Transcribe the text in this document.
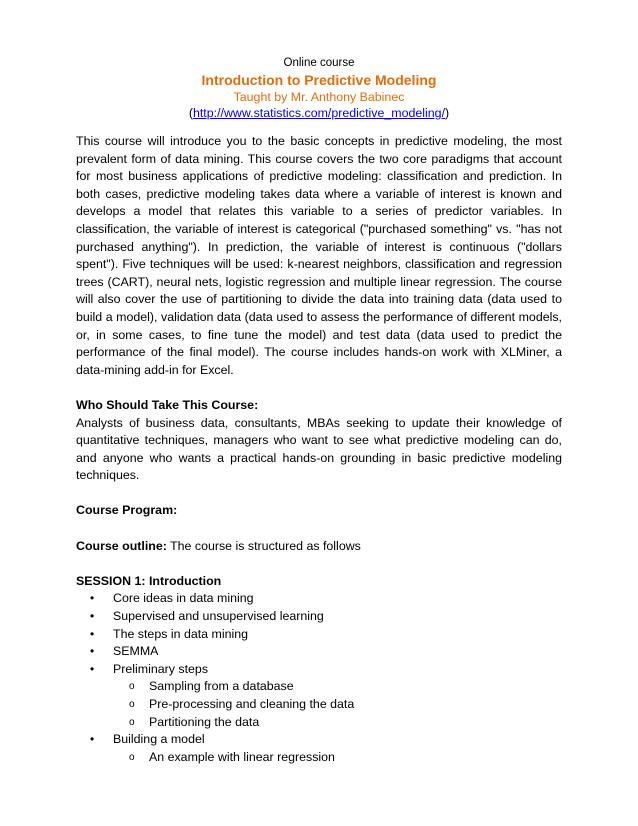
Online course
Introduction to Predictive Modeling
Taught by Mr. Anthony Babinec
(http://www.statistics.com/predictive_modeling/)

This course will introduce you to the basic concepts in predictive modeling, the most prevalent form of data mining. This course covers the two core paradigms that account for most business applications of predictive modeling: classification and prediction. In both cases, predictive modeling takes data where a variable of interest is known and develops a model that relates this variable to a series of predictor variables. In classification, the variable of interest is categorical ("purchased something" vs. "has not purchased anything"). In prediction, the variable of interest is continuous ("dollars spent"). Five techniques will be used: k-nearest neighbors, classification and regression trees (CART), neural nets, logistic regression and multiple linear regression. The course will also cover the use of partitioning to divide the data into training data (data used to build a model), validation data (data used to assess the performance of different models, or, in some cases, to fine tune the model) and test data (data used to predict the performance of the final model). The course includes hands-on work with XLMiner, a data-mining add-in for Excel.

Who Should Take This Course:

Analysts of business data, consultants, MBAs seeking to update their knowledge of quantitative techniques, managers who want to see what predictive modeling can do, and anyone who wants a practical hands-on grounding in basic predictive modeling techniques.

Course Program:

Course outline: The course is structured as follows

SESSION 1: Introduction

• Core ideas in data mining
• Supervised and unsupervised learning
• The steps in data mining
• SEMMA
• Preliminary steps
o Sampling from a database
o Pre-processing and cleaning the data
o Partitioning the data
• Building a model
o An example with linear regression
